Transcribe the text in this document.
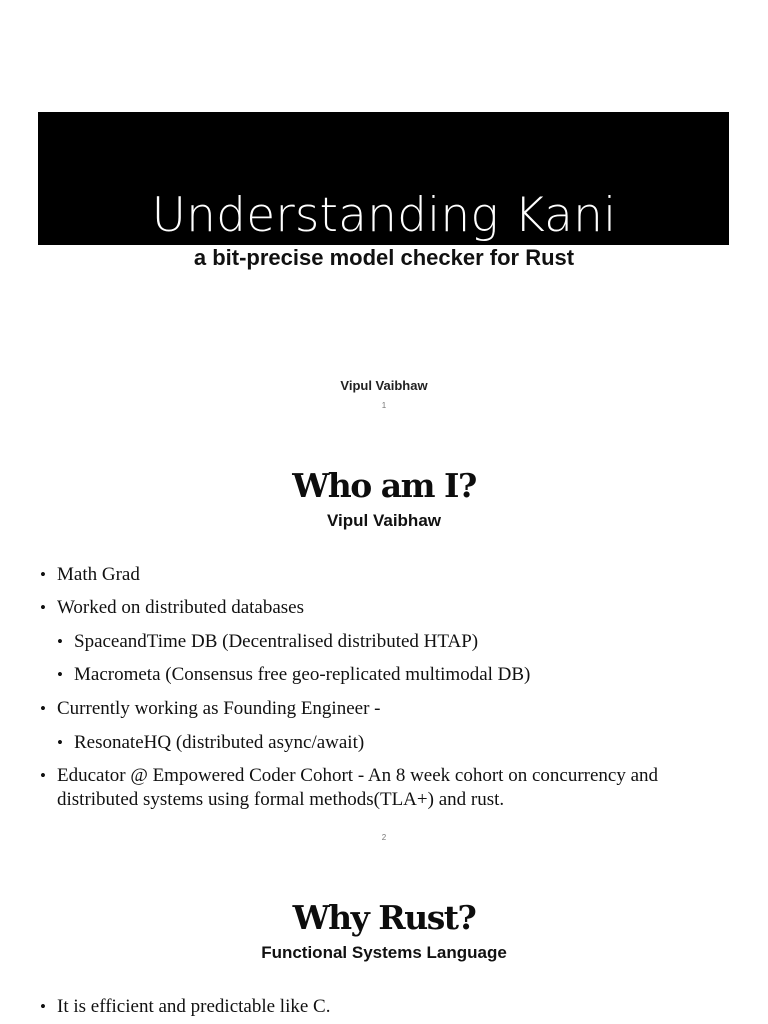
Understanding Kani
a bit-precise model checker for Rust
Vipul Vaibhaw
1
Who am I?
Vipul Vaibhaw
• Math Grad
• Worked on distributed databases
• SpaceandTime DB (Decentralised distributed HTAP)
• Macrometa (Consensus free geo-replicated multimodal DB)
• Currently working as Founding Engineer -
• ResonateHQ (distributed async/await)
• Educator @ Empowered Coder Cohort - An 8 week cohort on concurrency and distributed systems using formal methods(TLA+) and rust.
2
Why Rust?
Functional Systems Language
• It is efficient and predictable like C.
